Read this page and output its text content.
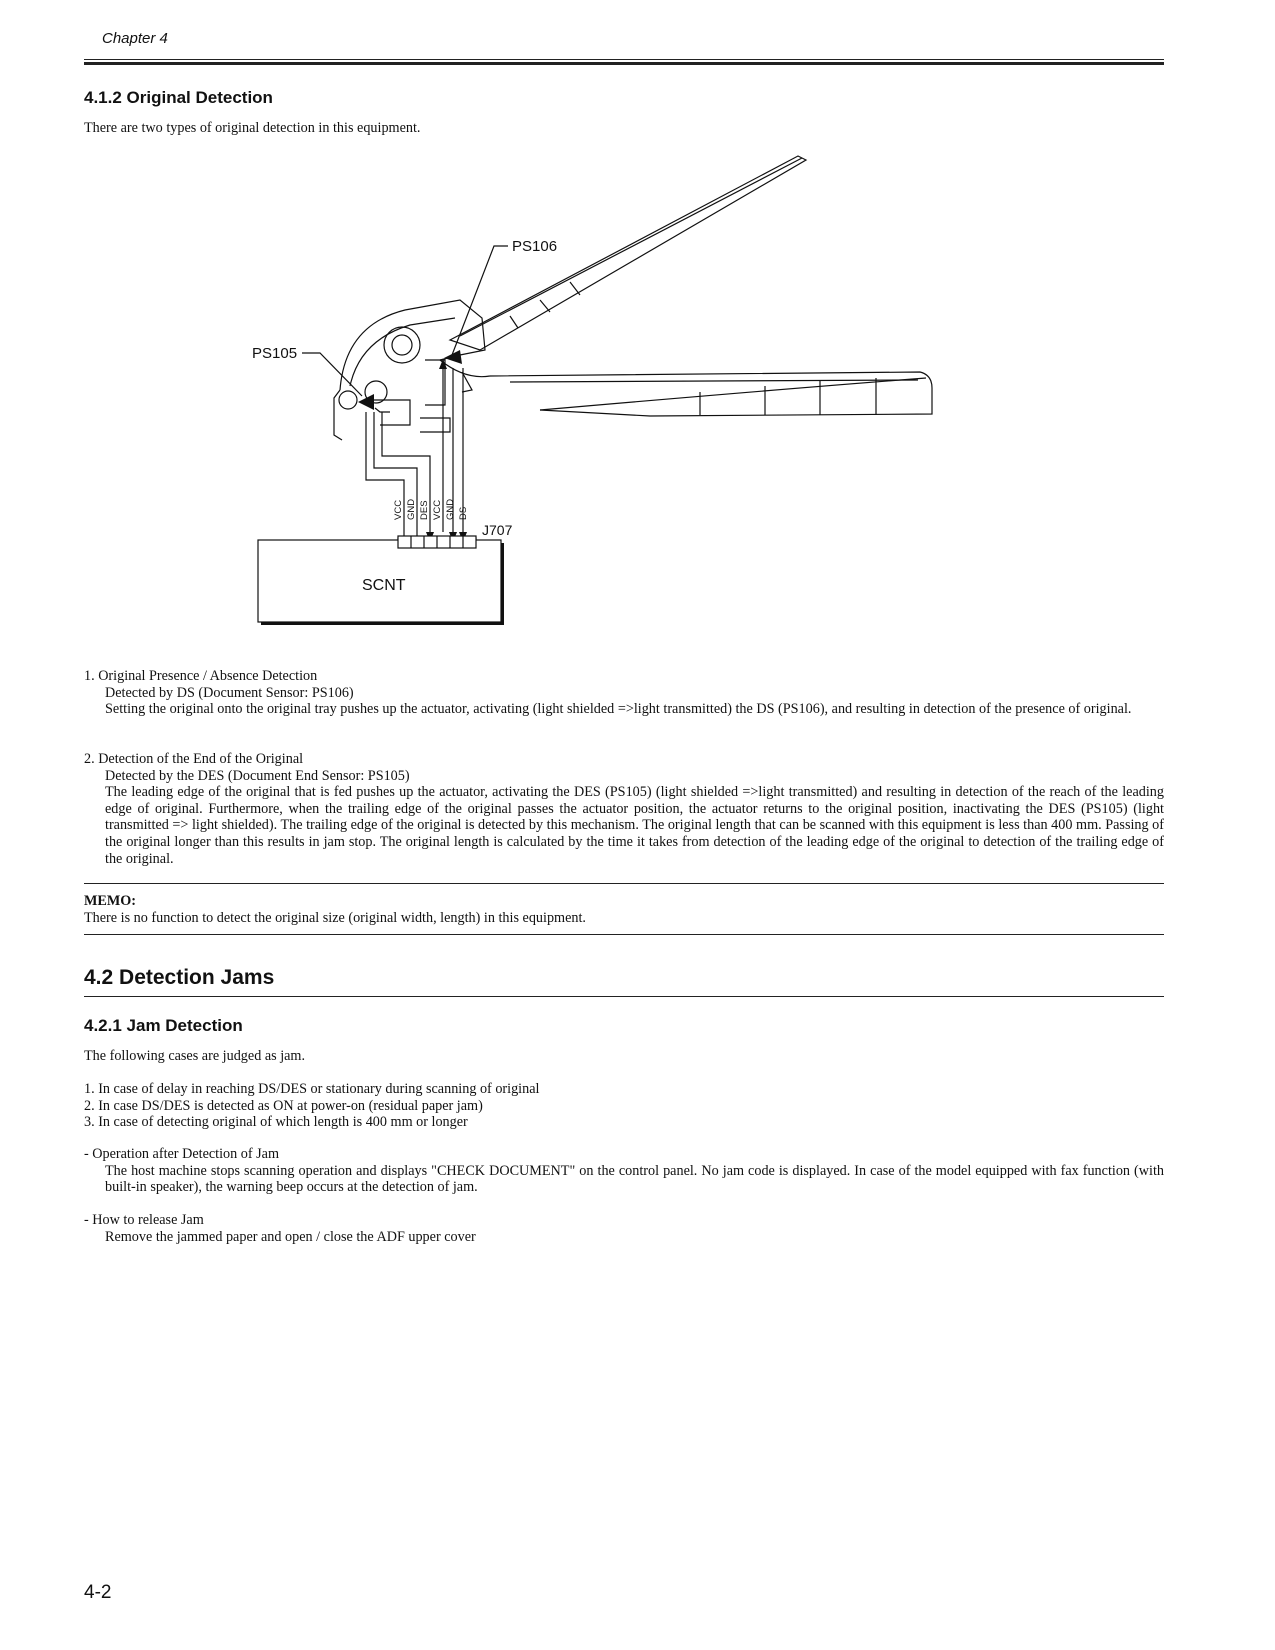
Chapter 4
4.1.2 Original Detection
There are two types of original detection in this equipment.
VCC GND DES VCC GND DS
PS106
PS105
J707
SCNT
1. Original Presence / Absence Detection
Detected by DS (Document Sensor: PS106)
Setting the original onto the original tray pushes up the actuator, activating (light shielded =>light transmitted) the DS (PS106), and resulting in detection of the presence of original.
2. Detection of the End of the Original
Detected by the DES (Document End Sensor: PS105)
The leading edge of the original that is fed pushes up the actuator, activating the DES (PS105) (light shielded =>light transmitted) and resulting in detection of the reach of the leading edge of original. Furthermore, when the trailing edge of the original passes the actuator position, the actuator returns to the original position, inactivating the DES (PS105) (light transmitted => light shielded). The trailing edge of the original is detected by this mechanism. The original length that can be scanned with this equipment is less than 400 mm. Passing of the original longer than this results in jam stop. The original length is calculated by the time it takes from detection of the leading edge of the original to detection of the trailing edge of the original.
MEMO:
There is no function to detect the original size (original width, length) in this equipment.
4.2 Detection Jams
4.2.1 Jam Detection
The following cases are judged as jam.
1. In case of delay in reaching DS/DES or stationary during scanning of original
2. In case DS/DES is detected as ON at power-on (residual paper jam)
3. In case of detecting original of which length is 400 mm or longer
- Operation after Detection of Jam
The host machine stops scanning operation and displays "CHECK DOCUMENT" on the control panel. No jam code is displayed. In case of the model equipped with fax function (with built-in speaker), the warning beep occurs at the detection of jam.
- How to release Jam
Remove the jammed paper and open / close the ADF upper cover
4-2
